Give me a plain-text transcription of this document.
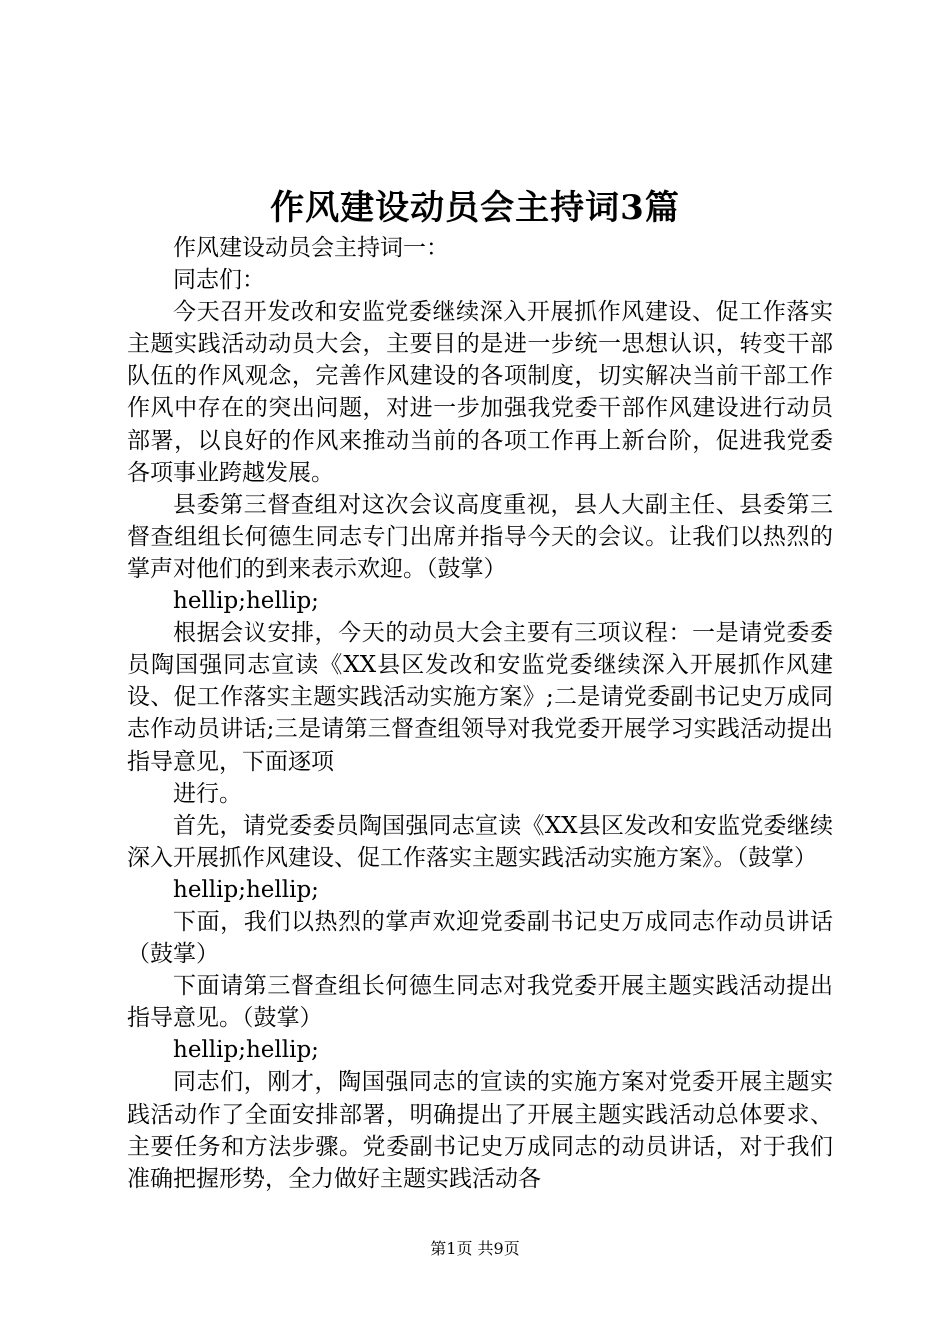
作风建设动员会主持词3篇

作风建设动员会主持词一：

同志们：

今天召开发改和安监党委继续深入开展抓作风建设、促工作落实主题实践活动动员大会，主要目的是进一步统一思想认识，转变干部队伍的作风观念，完善作风建设的各项制度，切实解决当前干部工作作风中存在的突出问题，对进一步加强我党委干部作风建设进行动员部署，以良好的作风来推动当前的各项工作再上新台阶，促进我党委各项事业跨越发展。

县委第三督查组对这次会议高度重视，县人大副主任、县委第三督查组组长何德生同志专门出席并指导今天的会议。让我们以热烈的掌声对他们的到来表示欢迎。（鼓掌）

hellip;hellip;

根据会议安排，今天的动员大会主要有三项议程：一是请党委委员陶国强同志宣读《XX县区发改和安监党委继续深入开展抓作风建设、促工作落实主题实践活动实施方案》;二是请党委副书记史万成同志作动员讲话;三是请第三督查组领导对我党委开展学习实践活动提出指导意见，下面逐项

进行。

首先，请党委委员陶国强同志宣读《XX县区发改和安监党委继续深入开展抓作风建设、促工作落实主题实践活动实施方案》。（鼓掌）

hellip;hellip;

下面，我们以热烈的掌声欢迎党委副书记史万成同志作动员讲话（鼓掌）

下面请第三督查组长何德生同志对我党委开展主题实践活动提出指导意见。（鼓掌）

hellip;hellip;

同志们，刚才，陶国强同志的宣读的实施方案对党委开展主题实践活动作了全面安排部署，明确提出了开展主题实践活动总体要求、主要任务和方法步骤。党委副书记史万成同志的动员讲话，对于我们准确把握形势，全力做好主题实践活动各

第1页 共9页
